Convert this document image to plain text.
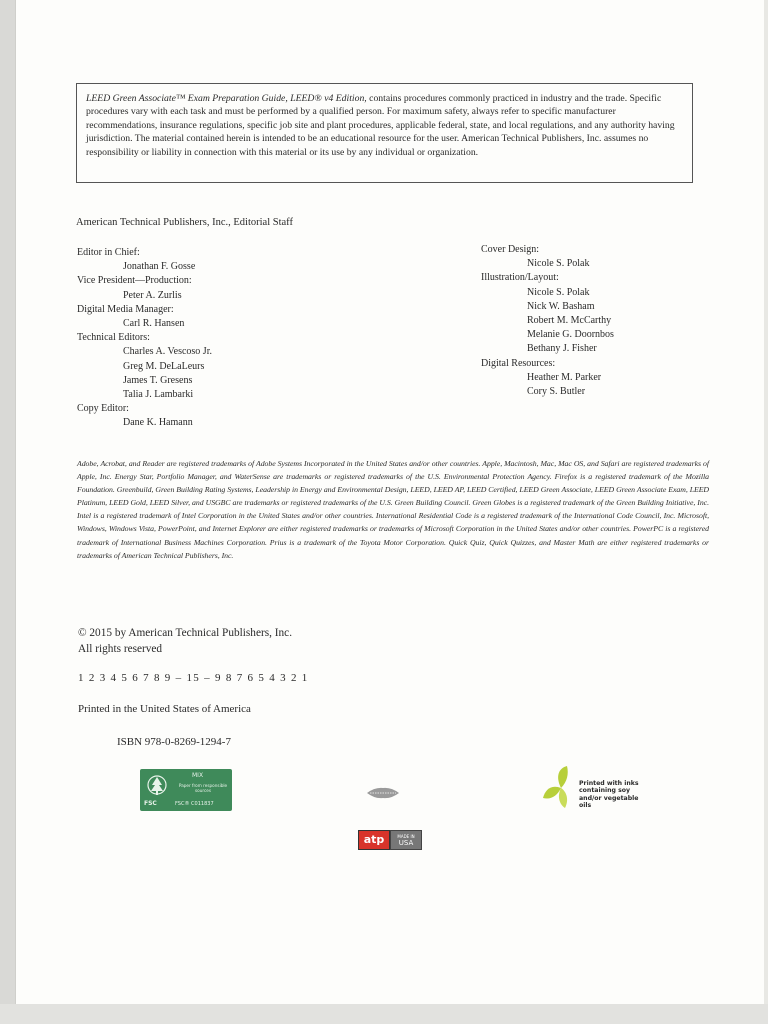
LEED Green Associate™ Exam Preparation Guide, LEED® v4 Edition, contains procedures commonly practiced in industry and the trade. Specific procedures vary with each task and must be performed by a qualified person. For maximum safety, always refer to specific manufacturer recommendations, insurance regulations, specific job site and plant procedures, applicable federal, state, and local regulations, and any authority having jurisdiction. The material contained herein is intended to be an educational resource for the user. American Technical Publishers, Inc. assumes no responsibility or liability in connection with this material or its use by any individual or organization.
American Technical Publishers, Inc., Editorial Staff
Editor in Chief:
Jonathan F. Gosse
Vice President—Production:
Peter A. Zurlis
Digital Media Manager:
Carl R. Hansen
Technical Editors:
Charles A. Vescoso Jr.
Greg M. DeLaLeurs
James T. Gresens
Talia J. Lambarki
Copy Editor:
Dane K. Hamann
Cover Design:
Nicole S. Polak
Illustration/Layout:
Nicole S. Polak
Nick W. Basham
Robert M. McCarthy
Melanie G. Doornbos
Bethany J. Fisher
Digital Resources:
Heather M. Parker
Cory S. Butler
Adobe, Acrobat, and Reader are registered trademarks of Adobe Systems Incorporated in the United States and/or other countries. Apple, Macintosh, Mac, Mac OS, and Safari are registered trademarks of Apple, Inc. Energy Star, Portfolio Manager, and WaterSense are trademarks or registered trademarks of the U.S. Environmental Protection Agency. Firefox is a registered trademark of the Mozilla Foundation. Greenbuild, Green Building Rating Systems, Leadership in Energy and Environmental Design, LEED, LEED AP, LEED Certified, LEED Green Associate, LEED Green Associate Exam, LEED Platinum, LEED Gold, LEED Silver, and USGBC are trademarks or registered trademarks of the U.S. Green Building Council. Green Globes is a registered trademark of the Green Building Initiative, Inc. Intel is a registered trademark of Intel Corporation in the United States and/or other countries. International Residential Code is a registered trademark of the International Code Council, Inc. Microsoft, Windows, Windows Vista, PowerPoint, and Internet Explorer are either registered trademarks or trademarks of Microsoft Corporation in the United States and/or other countries. PowerPC is a registered trademark of International Business Machines Corporation. Prius is a trademark of the Toyota Motor Corporation. Quick Quiz, Quick Quizzes, and Master Math are either registered trademarks or trademarks of American Technical Publishers, Inc.
© 2015 by American Technical Publishers, Inc.
All rights reserved
1 2 3 4 5 6 7 8 9 – 15 – 9 8 7 6 5 4 3 2 1
Printed in the United States of America
ISBN 978-0-8269-1294-7
FSC
MIX
Paper from responsible sources
FSC® C011837
atp	MADE IN
USA
Printed with inks containing soy and/or vegetable oils
